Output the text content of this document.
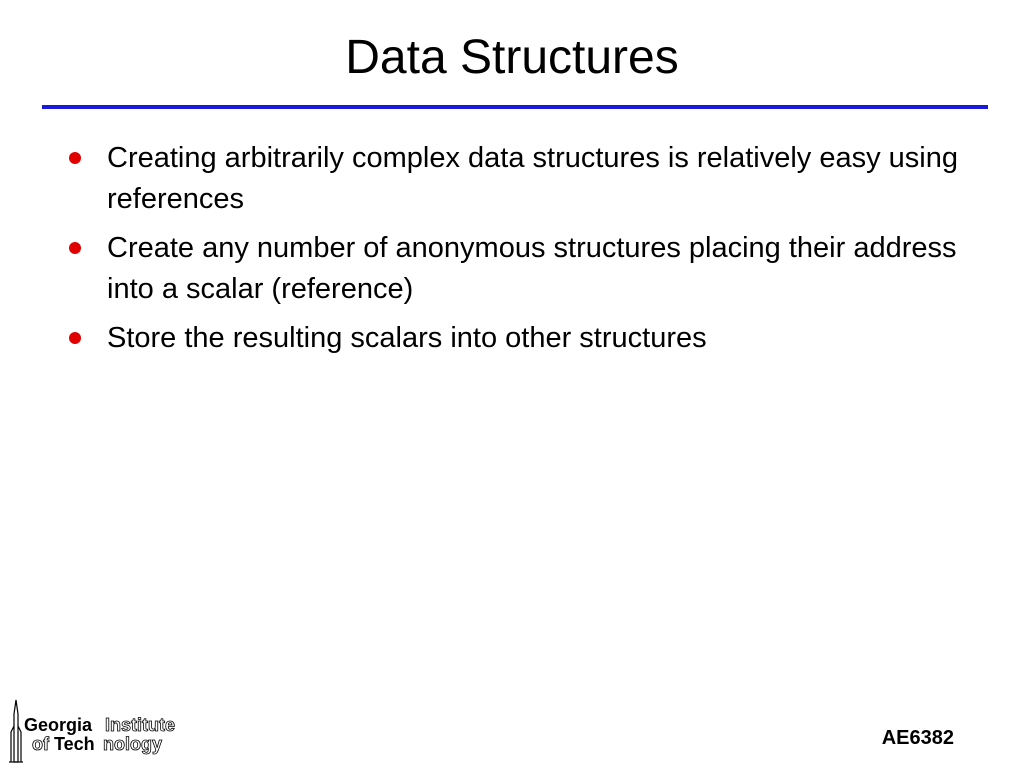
Data Structures
Creating arbitrarily complex data structures is relatively easy using references
Create any number of anonymous structures placing their address into a scalar (reference)
Store the resulting scalars into other structures
Georgia Institute
of Tech nology	AE6382
